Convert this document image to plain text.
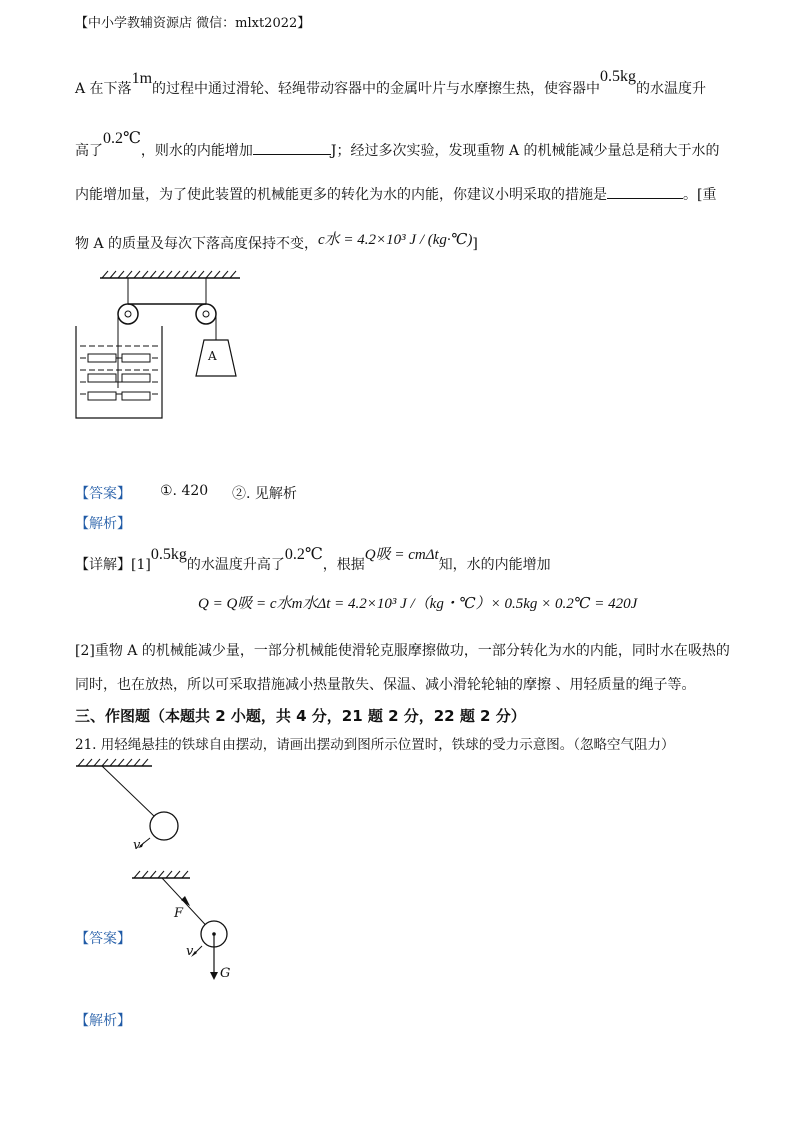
【中小学教辅资源店 微信：mlxt2022】
A 在下落1m的过程中通过滑轮、轻绳带动容器中的金属叶片与水摩擦生热，使容器中0.5kg的水温度升
高了0.2℃，则水的内能增加	J；经过多次实验，发现重物 A 的机械能减少量总是稍大于水的
内能增加量，为了使此装置的机械能更多的转化为水的内能，你建议小明采取的措施是	。[重
物 A 的质量及每次下落高度保持不变，c水 = 4.2×10³ J / (kg·℃)]
A
【答案】 ①. 420 ②. 见解析
【解析】
【详解】[1]0.5kg的水温度升高了0.2℃，根据Q吸 = cmΔt知，水的内能增加
Q = Q吸 = c水m水Δt = 4.2×10³ J /（kg・℃）× 0.5kg × 0.2℃ = 420J
[2]重物 A 的机械能减少量，一部分机械能使滑轮克服摩擦做功，一部分转化为水的内能，同时水在吸热的
同时，也在放热，所以可采取措施减小热量散失、保温、减小滑轮轮轴的摩擦 、用轻质量的绳子等。
三、作图题（本题共 2 小题，共 4 分，21 题 2 分，22 题 2 分）
21. 用轻绳悬挂的铁球自由摆动，请画出摆动到图所示位置时，铁球的受力示意图。（忽略空气阻力）
v
【答案】
F
v
G
【解析】
